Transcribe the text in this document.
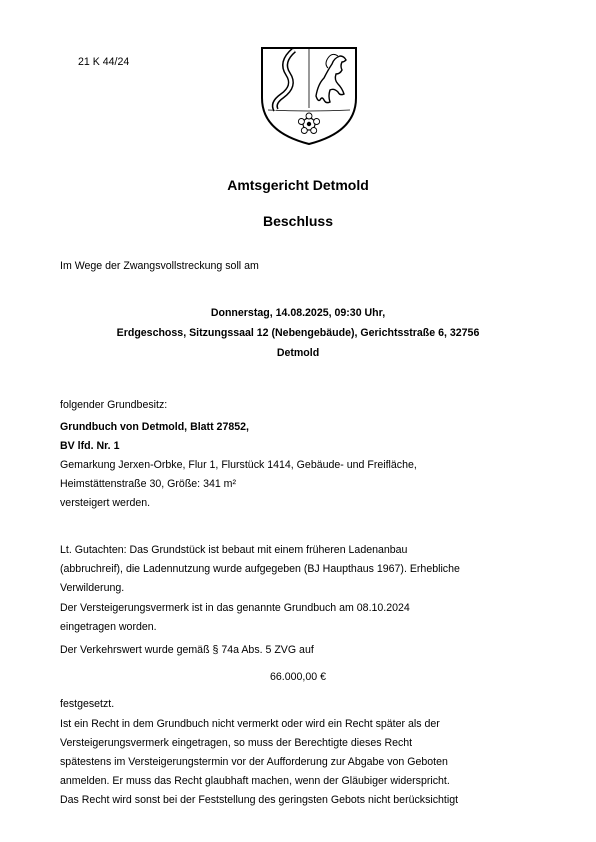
21 K 44/24
Amtsgericht Detmold
Beschluss
Im Wege der Zwangsvollstreckung soll am
Donnerstag, 14.08.2025, 09:30 Uhr,
Erdgeschoss, Sitzungssaal 12 (Nebengebäude), Gerichtsstraße 6, 32756
Detmold
folgender Grundbesitz:
Grundbuch von Detmold, Blatt 27852,
BV lfd. Nr. 1
Gemarkung Jerxen-Orbke, Flur 1, Flurstück 1414, Gebäude- und Freifläche,
Heimstättenstraße 30, Größe: 341 m²
versteigert werden.
Lt. Gutachten: Das Grundstück ist bebaut mit einem früheren Ladenanbau
(abbruchreif), die Ladennutzung wurde aufgegeben (BJ Haupthaus 1967). Erhebliche
Verwilderung.
Der Versteigerungsvermerk ist in das genannte Grundbuch am 08.10.2024
eingetragen worden.
Der Verkehrswert wurde gemäß § 74a Abs. 5 ZVG auf
66.000,00 €
festgesetzt.
Ist ein Recht in dem Grundbuch nicht vermerkt oder wird ein Recht später als der
Versteigerungsvermerk eingetragen, so muss der Berechtigte dieses Recht
spätestens im Versteigerungstermin vor der Aufforderung zur Abgabe von Geboten
anmelden. Er muss das Recht glaubhaft machen, wenn der Gläubiger widerspricht.
Das Recht wird sonst bei der Feststellung des geringsten Gebots nicht berücksichtigt
